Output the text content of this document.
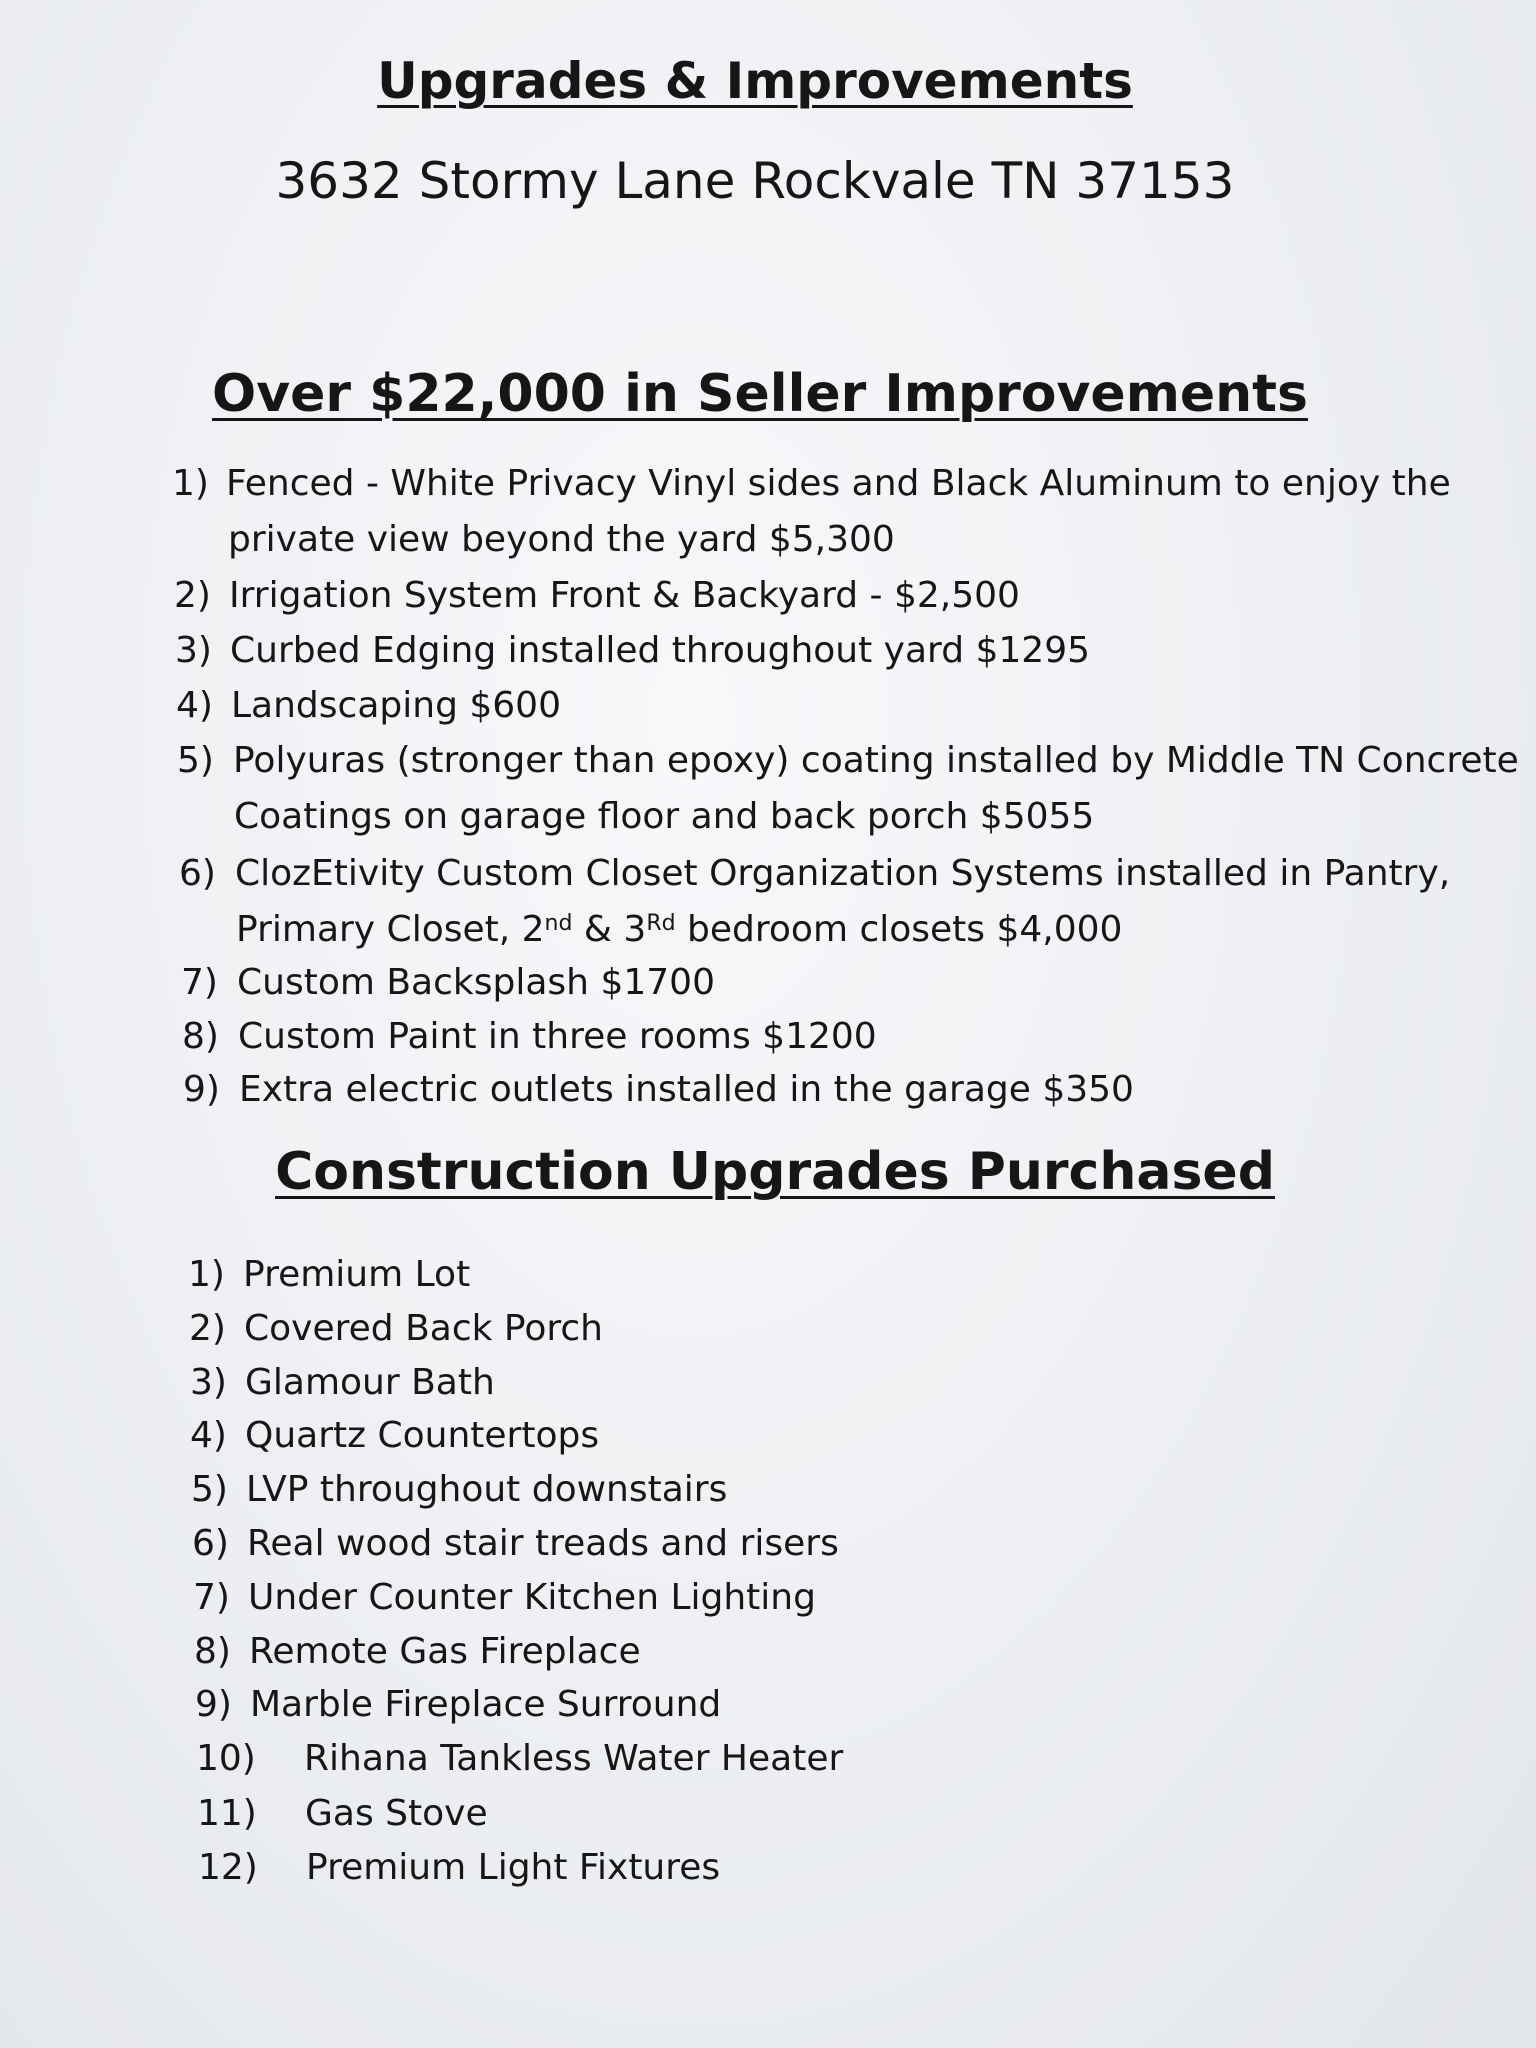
Upgrades & Improvements
3632 Stormy Lane Rockvale TN 37153
Over $22,000 in Seller Improvements
1) Fenced - White Privacy Vinyl sides and Black Aluminum to enjoy the
private view beyond the yard $5,300
2) Irrigation System Front & Backyard - $2,500
3) Curbed Edging installed throughout yard $1295
4) Landscaping $600
5) Polyuras (stronger than epoxy) coating installed by Middle TN Concrete
Coatings on garage floor and back porch $5055
6) ClozEtivity Custom Closet Organization Systems installed in Pantry,
Primary Closet, 2nd & 3Rd bedroom closets $4,000
7) Custom Backsplash $1700
8) Custom Paint in three rooms $1200
9) Extra electric outlets installed in the garage $350
Construction Upgrades Purchased
1) Premium Lot
2) Covered Back Porch
3) Glamour Bath
4) Quartz Countertops
5) LVP throughout downstairs
6) Real wood stair treads and risers
7) Under Counter Kitchen Lighting
8) Remote Gas Fireplace
9) Marble Fireplace Surround
10) Rihana Tankless Water Heater
11) Gas Stove
12) Premium Light Fixtures
